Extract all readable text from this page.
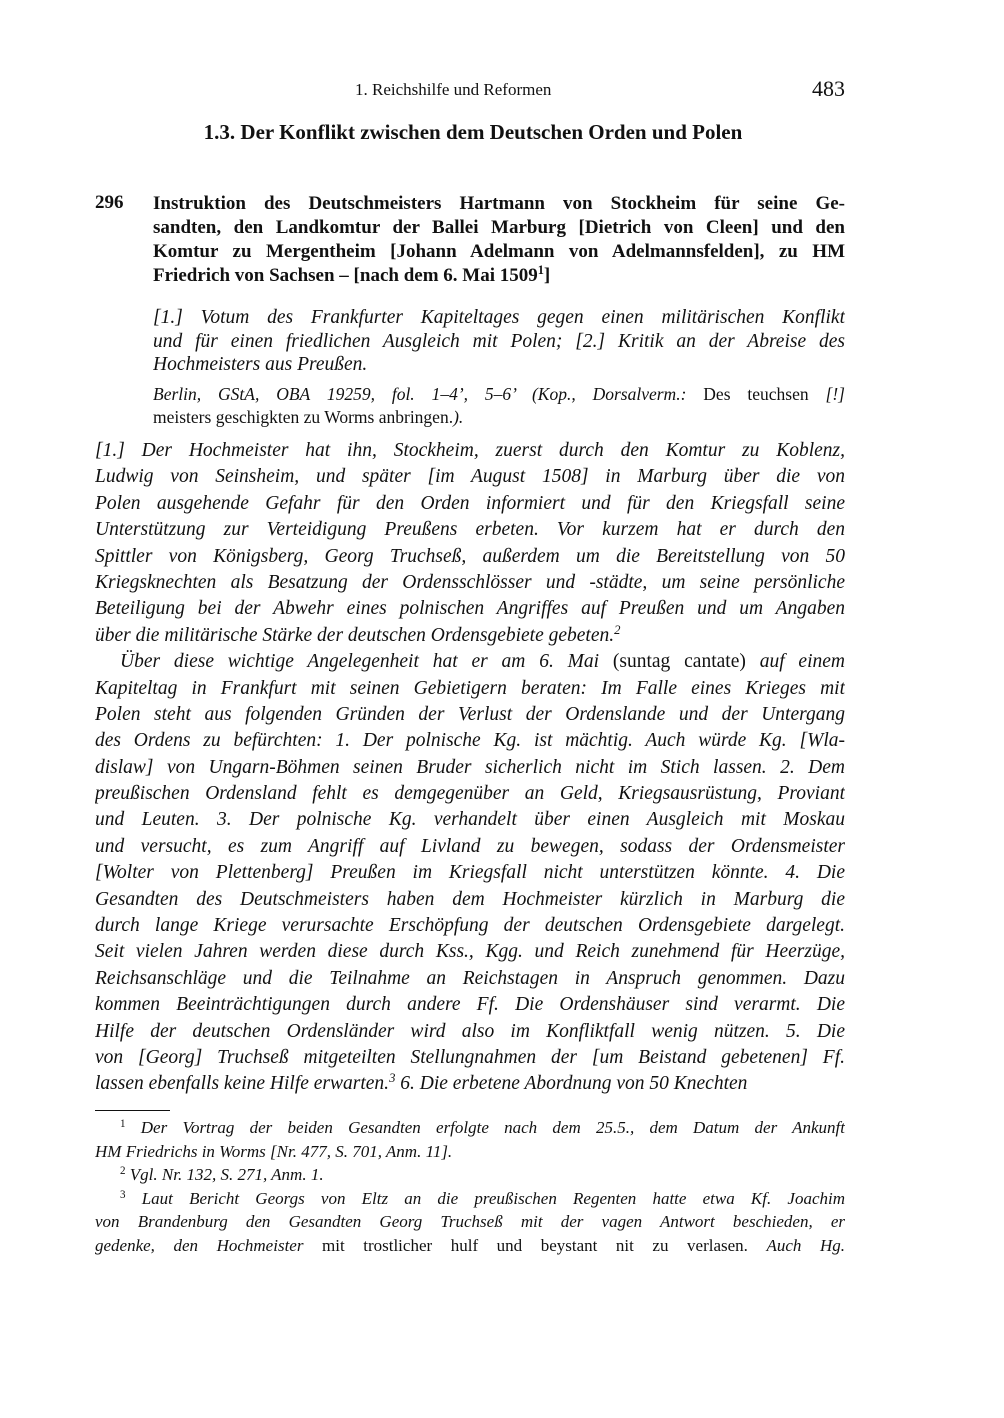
1. Reichshilfe und Reformen	483
1.3. Der Konflikt zwischen dem Deutschen Orden und Polen
296 Instruktion des Deutschmeisters Hartmann von Stockheim für seine Ge-
sandten, den Landkomtur der Ballei Marburg [Dietrich von Cleen] und den
Komtur zu Mergentheim [Johann Adelmann von Adelmannsfelden], zu HM
Friedrich von Sachsen – [nach dem 6. Mai 1509$^1$]
[1.] Votum des Frankfurter Kapiteltages gegen einen militärischen Konflikt
und für einen friedlichen Ausgleich mit Polen; [2.] Kritik an der Abreise des
Hochmeisters aus Preußen.
Berlin, GStA, OBA 19259, fol. 1–4’, 5–6’ (Kop., Dorsalverm.: Des teuchsen [!]
meisters geschigkten zu Worms anbringen.).
[1.] Der Hochmeister hat ihn, Stockheim, zuerst durch den Komtur zu Koblenz,
Ludwig von Seinsheim, und später [im August 1508] in Marburg über die von
Polen ausgehende Gefahr für den Orden informiert und für den Kriegsfall seine
Unterstützung zur Verteidigung Preußens erbeten. Vor kurzem hat er durch den
Spittler von Königsberg, Georg Truchseß, außerdem um die Bereitstellung von 50
Kriegsknechten als Besatzung der Ordensschlösser und -städte, um seine persönliche
Beteiligung bei der Abwehr eines polnischen Angriffes auf Preußen und um Angaben
über die militärische Stärke der deutschen Ordensgebiete gebeten.$^2$
Über diese wichtige Angelegenheit hat er am 6. Mai (suntag cantate) auf einem
Kapiteltag in Frankfurt mit seinen Gebietigern beraten: Im Falle eines Krieges mit
Polen steht aus folgenden Gründen der Verlust der Ordenslande und der Untergang
des Ordens zu befürchten: 1. Der polnische Kg. ist mächtig. Auch würde Kg. [Wla-
dislaw] von Ungarn-Böhmen seinen Bruder sicherlich nicht im Stich lassen. 2. Dem
preußischen Ordensland fehlt es demgegenüber an Geld, Kriegsausrüstung, Proviant
und Leuten. 3. Der polnische Kg. verhandelt über einen Ausgleich mit Moskau
und versucht, es zum Angriff auf Livland zu bewegen, sodass der Ordensmeister
[Wolter von Plettenberg] Preußen im Kriegsfall nicht unterstützen könnte. 4. Die
Gesandten des Deutschmeisters haben dem Hochmeister kürzlich in Marburg die
durch lange Kriege verursachte Erschöpfung der deutschen Ordensgebiete dargelegt.
Seit vielen Jahren werden diese durch Kss., Kgg. und Reich zunehmend für Heerzüge,
Reichsanschläge und die Teilnahme an Reichstagen in Anspruch genommen. Dazu
kommen Beeinträchtigungen durch andere Ff. Die Ordenshäuser sind verarmt. Die
Hilfe der deutschen Ordensländer wird also im Konfliktfall wenig nützen. 5. Die
von [Georg] Truchseß mitgeteilten Stellungnahmen der [um Beistand gebetenen] Ff.
lassen ebenfalls keine Hilfe erwarten.$^3$ 6. Die erbetene Abordnung von 50 Knechten
$^1$ Der Vortrag der beiden Gesandten erfolgte nach dem 25.5., dem Datum der Ankunft
HM Friedrichs in Worms [Nr. 477, S. 701, Anm. 11].
$^2$ Vgl. Nr. 132, S. 271, Anm. 1.
$^3$ Laut Bericht Georgs von Eltz an die preußischen Regenten hatte etwa Kf. Joachim
von Brandenburg den Gesandten Georg Truchseß mit der vagen Antwort beschieden, er
gedenke, den Hochmeister mit trostlicher hulf und beystant nit zu verlasen. Auch Hg.
